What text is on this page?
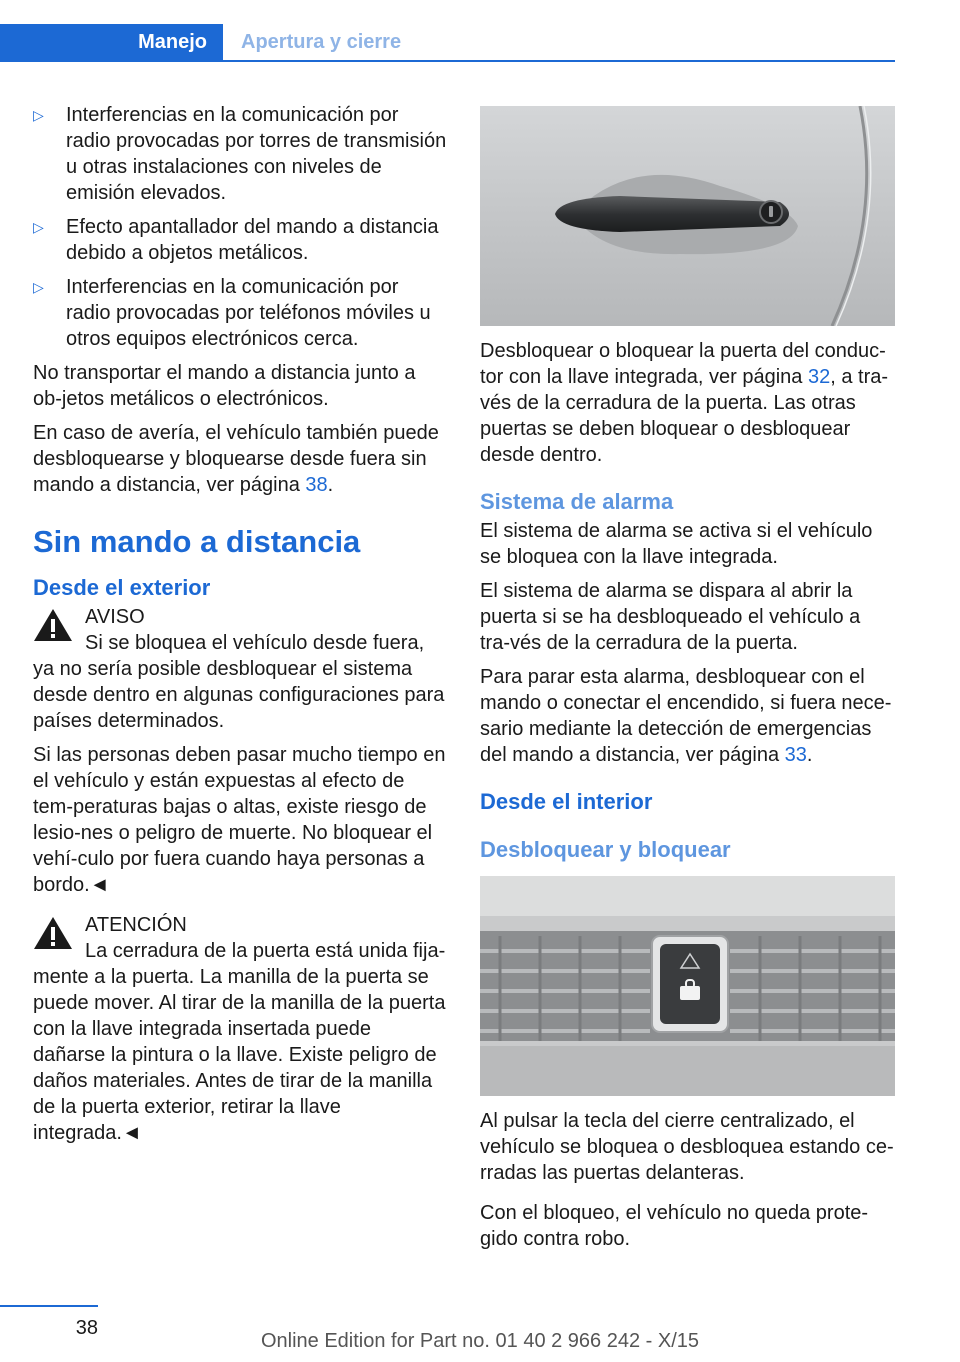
Manejo	Apertura y cierre
▷	Interferencias en la comunicación por radio provocadas por torres de transmisión u otras instalaciones con niveles de emisión elevados.
▷	Efecto apantallador del mando a distancia debido a objetos metálicos.
▷	Interferencias en la comunicación por radio provocadas por teléfonos móviles u otros equipos electrónicos cerca.

No transportar el mando a distancia junto a ob‐jetos metálicos o electrónicos.

En caso de avería, el vehículo también puede desbloquearse y bloquearse desde fuera sin mando a distancia, ver página 38.

Sin mando a distancia
Desde el exterior

AVISO

Si se bloquea el vehículo desde fuera, ya no sería posible desbloquear el sistema desde dentro en algunas configuraciones para países determinados.

Si las personas deben pasar mucho tiempo en el vehículo y están expuestas al efecto de tem‐peraturas bajas o altas, existe riesgo de lesio‐nes o peligro de muerte. No bloquear el vehí‐culo por fuera cuando haya personas a bordo.◄

ATENCIÓN

La cerradura de la puerta está unida fija‐mente a la puerta. La manilla de la puerta se puede mover. Al tirar de la manilla de la puerta con la llave integrada insertada puede dañarse la pintura o la llave. Existe peligro de daños materiales. Antes de tirar de la manilla de la puerta exterior, retirar la llave integrada.◄

Desbloquear o bloquear la puerta del conduc‐tor con la llave integrada, ver página 32, a tra‐vés de la cerradura de la puerta. Las otras puertas se deben bloquear o desbloquear desde dentro.

Sistema de alarma

El sistema de alarma se activa si el vehículo se bloquea con la llave integrada.

El sistema de alarma se dispara al abrir la puerta si se ha desbloqueado el vehículo a tra‐vés de la cerradura de la puerta.

Para parar esta alarma, desbloquear con el mando o conectar el encendido, si fuera nece‐sario mediante la detección de emergencias del mando a distancia, ver página 33.

Desde el interior
Desbloquear y bloquear

Al pulsar la tecla del cierre centralizado, el vehículo se bloquea o desbloquea estando ce‐rradas las puertas delanteras.

Con el bloqueo, el vehículo no queda prote‐gido contra robo.

38
Online Edition for Part no. 01 40 2 966 242 - X/15
